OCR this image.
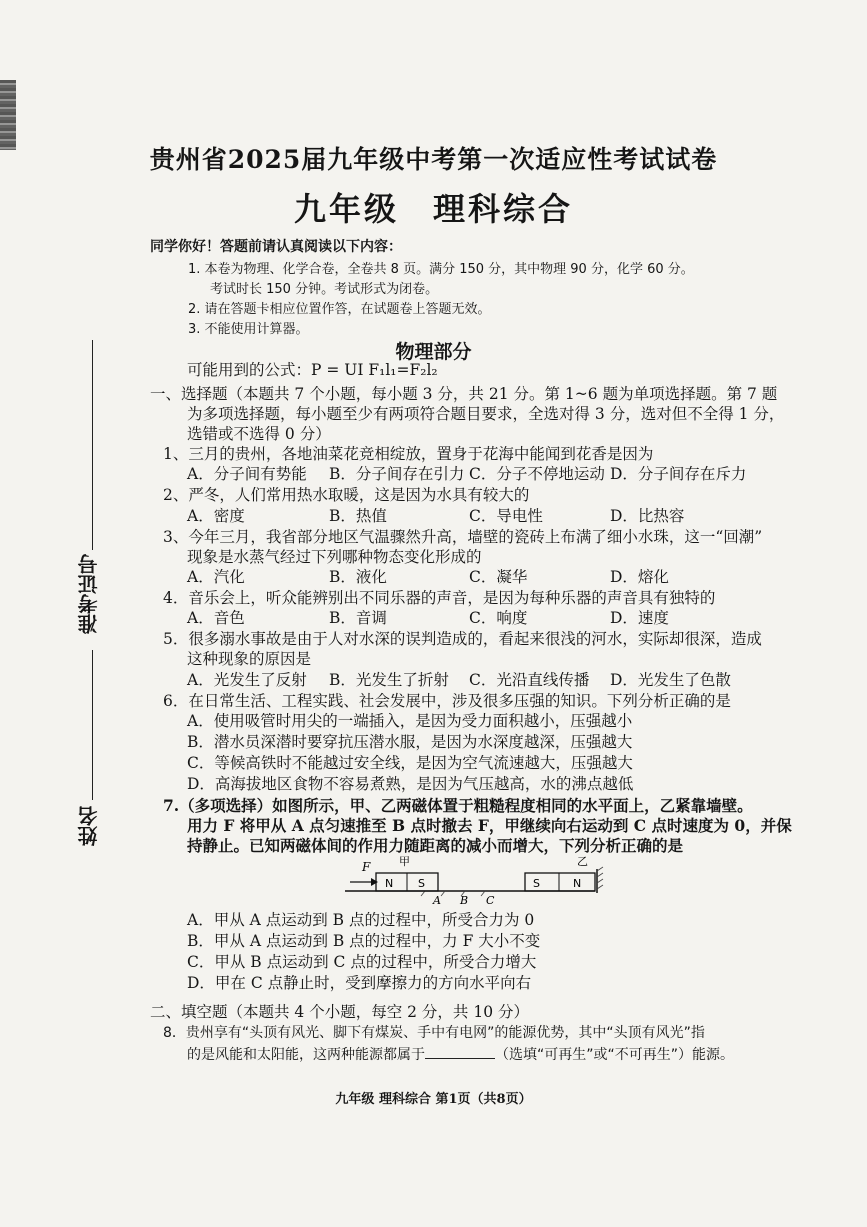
贵州省2025届九年级中考第一次适应性考试试卷
九年级 理科综合
同学你好！答题前请认真阅读以下内容：
1. 本卷为物理、化学合卷，全卷共 8 页。满分 150 分，其中物理 90 分，化学 60 分。
考试时长 150 分钟。考试形式为闭卷。
2. 请在答题卡相应位置作答，在试题卷上答题无效。
3. 不能使用计算器。
准考证号
姓名
物理部分
可能用到的公式：P = UI F₁l₁=F₂l₂
一、选择题（本题共 7 个小题，每小题 3 分，共 21 分。第 1~6 题为单项选择题。第 7 题
为多项选择题，每小题至少有两项符合题目要求，全选对得 3 分，选对但不全得 1 分，
选错或不选得 0 分）
1、三月的贵州，各地油菜花竞相绽放，置身于花海中能闻到花香是因为
A．分子间有势能 B．分子间存在引力 C．分子不停地运动 D．分子间存在斥力
2、严冬，人们常用热水取暖，这是因为水具有较大的
A．密度	B．热值	C．导电性	D．比热容
3、今年三月，我省部分地区气温骤然升高，墙壁的瓷砖上布满了细小水珠，这一“回潮”
现象是水蒸气经过下列哪种物态变化形成的
A．汽化	B．液化	C．凝华	D．熔化
4．音乐会上，听众能辨别出不同乐器的声音，是因为每种乐器的声音具有独特的
A．音色	B．音调	C．响度	D．速度
5．很多溺水事故是由于人对水深的误判造成的，看起来很浅的河水，实际却很深，造成
这种现象的原因是
A．光发生了反射 B．光发生了折射 C．光沿直线传播 D．光发生了色散
6．在日常生活、工程实践、社会发展中，涉及很多压强的知识。下列分析正确的是
A．使用吸管时用尖的一端插入，是因为受力面积越小，压强越小
B．潜水员深潜时要穿抗压潜水服，是因为水深度越深，压强越大
C．等候高铁时不能越过安全线，是因为空气流速越大，压强越大
D．高海拔地区食物不容易煮熟，是因为气压越高，水的沸点越低
7.（多项选择）如图所示，甲、乙两磁体置于粗糙程度相同的水平面上，乙紧靠墙壁。
用力 F 将甲从 A 点匀速推至 B 点时撤去 F，甲继续向右运动到 C 点时速度为 0，并保
持静止。已知两磁体间的作用力随距离的减小而增大，下列分析正确的是
F
N S
甲
S	N
乙
A B C
A．甲从 A 点运动到 B 点的过程中，所受合力为 0
B．甲从 A 点运动到 B 点的过程中，力 F 大小不变
C．甲从 B 点运动到 C 点的过程中，所受合力增大
D．甲在 C 点静止时，受到摩擦力的方向水平向右
二、填空题（本题共 4 个小题，每空 2 分，共 10 分）
8．贵州享有“头顶有风光、脚下有煤炭、手中有电网”的能源优势，其中“头顶有风光”指
的是风能和太阳能，这两种能源都属于	（选填“可再生”或“不可再生”）能源。
九年级 理科综合 第1页（共8页）
